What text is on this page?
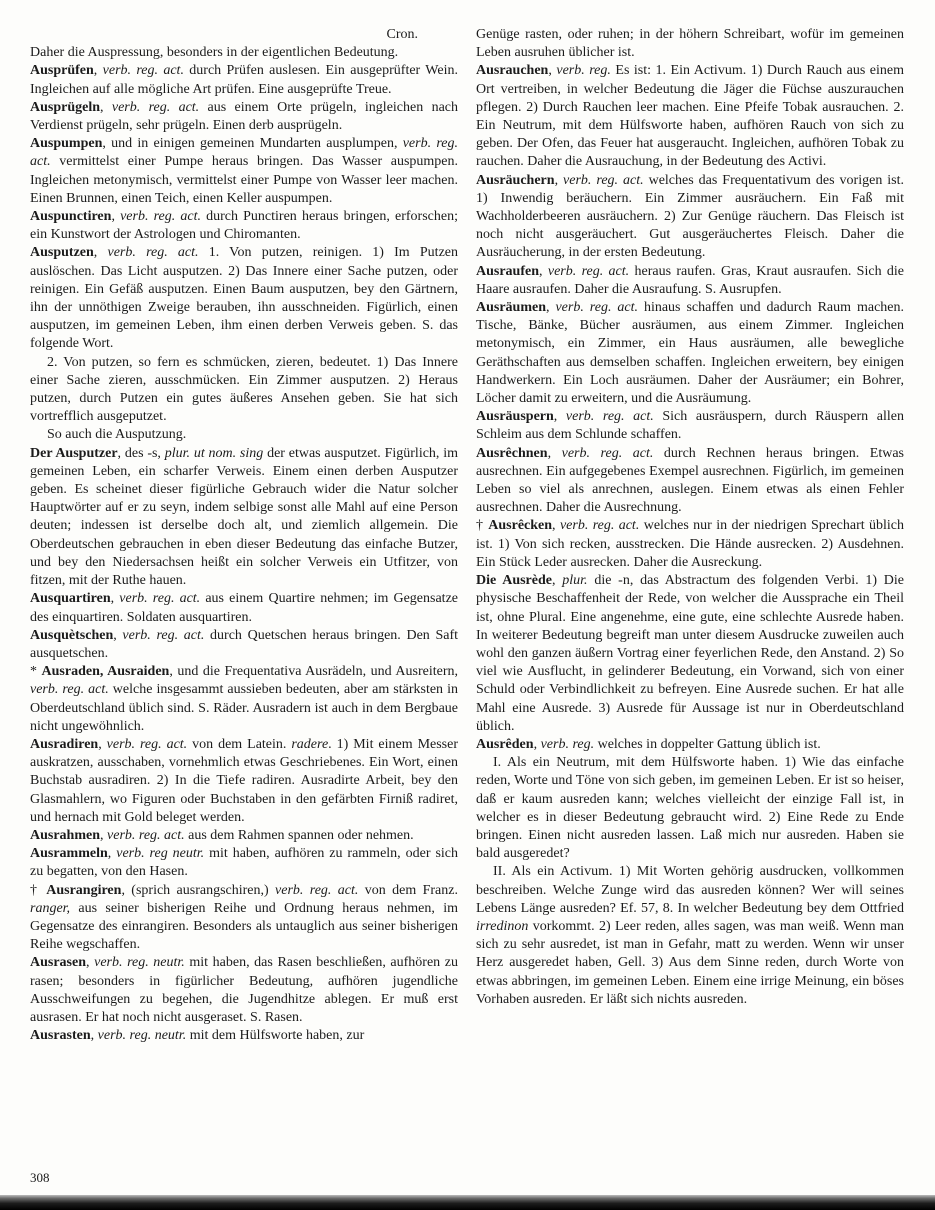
Cron.

Daher die Auspressung, besonders in der eigentlichen Bedeutung.

Ausprüfen, verb. reg. act. durch Prüfen auslesen. Ein ausgeprüfter Wein. Ingleichen auf alle mögliche Art prüfen. Eine ausgeprüfte Treue.

Ausprügeln, verb. reg. act. aus einem Orte prügeln, ingleichen nach Verdienst prügeln, sehr prügeln. Einen derb ausprügeln.

Auspumpen, und in einigen gemeinen Mundarten ausplumpen, verb. reg. act. vermittelst einer Pumpe heraus bringen. Das Wasser auspumpen. Ingleichen metonymisch, vermittelst einer Pumpe von Wasser leer machen. Einen Brunnen, einen Teich, einen Keller auspumpen.

Auspunctiren, verb. reg. act. durch Punctiren heraus bringen, erforschen; ein Kunstwort der Astrologen und Chiromanten.

Ausputzen, verb. reg. act. 1. Von putzen, reinigen. 1) Im Putzen auslöschen. Das Licht ausputzen. 2) Das Innere einer Sache putzen, oder reinigen. Ein Gefäß ausputzen. Einen Baum ausputzen, bey den Gärtnern, ihn der unnöthigen Zweige berauben, ihn ausschneiden. Figürlich, einen ausputzen, im gemeinen Leben, ihm einen derben Verweis geben. S. das folgende Wort.

2. Von putzen, so fern es schmücken, zieren, bedeutet. 1) Das Innere einer Sache zieren, ausschmücken. Ein Zimmer ausputzen. 2) Heraus putzen, durch Putzen ein gutes äußeres Ansehen geben. Sie hat sich vortrefflich ausgeputzet.

So auch die Ausputzung.

Der Ausputzer, des -s, plur. ut nom. sing der etwas ausputzet. Figürlich, im gemeinen Leben, ein scharfer Verweis. Einem einen derben Ausputzer geben. Es scheinet dieser figürliche Gebrauch wider die Natur solcher Hauptwörter auf er zu seyn, indem selbige sonst alle Mahl auf eine Person deuten; indessen ist derselbe doch alt, und ziemlich allgemein. Die Oberdeutschen gebrauchen in eben dieser Bedeutung das einfache Butzer, und bey den Niedersachsen heißt ein solcher Verweis ein Utfitzer, von fitzen, mit der Ruthe hauen.

Ausquartiren, verb. reg. act. aus einem Quartire nehmen; im Gegensatze des einquartiren. Soldaten ausquartiren.

Ausquètschen, verb. reg. act. durch Quetschen heraus bringen. Den Saft ausquetschen.

* Ausraden, Ausraiden, und die Frequentativa Ausrädeln, und Ausreitern, verb. reg. act. welche insgesammt aussieben bedeuten, aber am stärksten in Oberdeutschland üblich sind. S. Räder. Ausradern ist auch in dem Bergbaue nicht ungewöhnlich.

Ausradiren, verb. reg. act. von dem Latein. radere. 1) Mit einem Messer auskratzen, ausschaben, vornehmlich etwas Geschriebenes. Ein Wort, einen Buchstab ausradiren. 2) In die Tiefe radiren. Ausradirte Arbeit, bey den Glasmahlern, wo Figuren oder Buchstaben in den gefärbten Firniß radiret, und hernach mit Gold beleget werden.

Ausrahmen, verb. reg. act. aus dem Rahmen spannen oder nehmen.

Ausrammeln, verb. reg neutr. mit haben, aufhören zu rammeln, oder sich zu begatten, von den Hasen.

† Ausrangiren, (sprich ausrangschiren,) verb. reg. act. von dem Franz. ranger, aus seiner bisherigen Reihe und Ordnung heraus nehmen, im Gegensatze des einrangiren. Besonders als untauglich aus seiner bisherigen Reihe wegschaffen.

Ausrasen, verb. reg. neutr. mit haben, das Rasen beschließen, aufhören zu rasen; besonders in figürlicher Bedeutung, aufhören jugendliche Ausschweifungen zu begehen, die Jugendhitze ablegen. Er muß erst ausrasen. Er hat noch nicht ausgeraset. S. Rasen.

Ausrasten, verb. reg. neutr. mit dem Hülfsworte haben, zur

Genüge rasten, oder ruhen; in der höhern Schreibart, wofür im gemeinen Leben ausruhen üblicher ist.

Ausrauchen, verb. reg. Es ist: 1. Ein Activum. 1) Durch Rauch aus einem Ort vertreiben, in welcher Bedeutung die Jäger die Füchse auszurauchen pflegen. 2) Durch Rauchen leer machen. Eine Pfeife Tobak ausrauchen. 2. Ein Neutrum, mit dem Hülfsworte haben, aufhören Rauch von sich zu geben. Der Ofen, das Feuer hat ausgeraucht. Ingleichen, aufhören Tobak zu rauchen. Daher die Ausrauchung, in der Bedeutung des Activi.

Ausräuchern, verb. reg. act. welches das Frequentativum des vorigen ist. 1) Inwendig beräuchern. Ein Zimmer ausräuchern. Ein Faß mit Wachholderbeeren ausräuchern. 2) Zur Genüge räuchern. Das Fleisch ist noch nicht ausgeräuchert. Gut ausgeräuchertes Fleisch. Daher die Ausräucherung, in der ersten Bedeutung.

Ausraufen, verb. reg. act. heraus raufen. Gras, Kraut ausraufen. Sich die Haare ausraufen. Daher die Ausraufung. S. Ausrupfen.

Ausräumen, verb. reg. act. hinaus schaffen und dadurch Raum machen. Tische, Bänke, Bücher ausräumen, aus einem Zimmer. Ingleichen metonymisch, ein Zimmer, ein Haus ausräumen, alle bewegliche Geräthschaften aus demselben schaffen. Ingleichen erweitern, bey einigen Handwerkern. Ein Loch ausräumen. Daher der Ausräumer; ein Bohrer, Löcher damit zu erweitern, und die Ausräumung.

Ausräuspern, verb. reg. act. Sich ausräuspern, durch Räuspern allen Schleim aus dem Schlunde schaffen.

Ausrêchnen, verb. reg. act. durch Rechnen heraus bringen. Etwas ausrechnen. Ein aufgegebenes Exempel ausrechnen. Figürlich, im gemeinen Leben so viel als anrechnen, auslegen. Einem etwas als einen Fehler ausrechnen. Daher die Ausrechnung.

† Ausrêcken, verb. reg. act. welches nur in der niedrigen Sprechart üblich ist. 1) Von sich recken, ausstrecken. Die Hände ausrecken. 2) Ausdehnen. Ein Stück Leder ausrecken. Daher die Ausreckung.

Die Ausrède, plur. die -n, das Abstractum des folgenden Verbi. 1) Die physische Beschaffenheit der Rede, von welcher die Aussprache ein Theil ist, ohne Plural. Eine angenehme, eine gute, eine schlechte Ausrede haben. In weiterer Bedeutung begreift man unter diesem Ausdrucke zuweilen auch wohl den ganzen äußern Vortrag einer feyerlichen Rede, den Anstand. 2) So viel wie Ausflucht, in gelinderer Bedeutung, ein Vorwand, sich von einer Schuld oder Verbindlichkeit zu befreyen. Eine Ausrede suchen. Er hat alle Mahl eine Ausrede. 3) Ausrede für Aussage ist nur in Oberdeutschland üblich.

Ausrêden, verb. reg. welches in doppelter Gattung üblich ist.

I. Als ein Neutrum, mit dem Hülfsworte haben. 1) Wie das einfache reden, Worte und Töne von sich geben, im gemeinen Leben. Er ist so heiser, daß er kaum ausreden kann; welches vielleicht der einzige Fall ist, in welcher es in dieser Bedeutung gebraucht wird. 2) Eine Rede zu Ende bringen. Einen nicht ausreden lassen. Laß mich nur ausreden. Haben sie bald ausgeredet?

II. Als ein Activum. 1) Mit Worten gehörig ausdrucken, vollkommen beschreiben. Welche Zunge wird das ausreden können? Wer will seines Lebens Länge ausreden? Ef. 57, 8. In welcher Bedeutung bey dem Ottfried irredinon vorkommt. 2) Leer reden, alles sagen, was man weiß. Wenn man sich zu sehr ausredet, ist man in Gefahr, matt zu werden. Wenn wir unser Herz ausgeredet haben, Gell. 3) Aus dem Sinne reden, durch Worte von etwas abbringen, im gemeinen Leben. Einem eine irrige Meinung, ein böses Vorhaben ausreden. Er läßt sich nichts ausreden.

308
